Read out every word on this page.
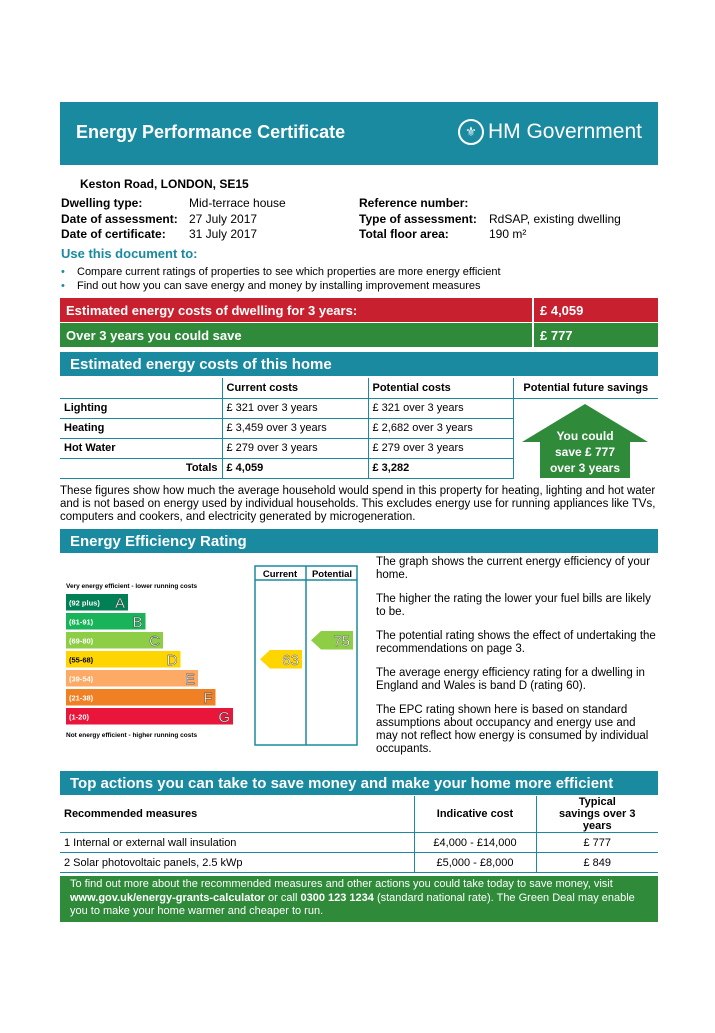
Energy Performance Certificate	⚜ HM Government
Keston Road, LONDON, SE15
Dwelling type:	Mid-terrace house
Date of assessment: 27 July 2017
Date of certificate: 31 July 2017
Reference number:
Type of assessment: RdSAP, existing dwelling
Total floor area:	190 m²
Use this document to:
• Compare current ratings of properties to see which properties are more energy efficient
• Find out how you can save energy and money by installing improvement measures
Estimated energy costs of dwelling for 3 years:	£ 4,059
Over 3 years you could save	£ 777
Estimated energy costs of this home
	Current costs	Potential costs	Potential future savings
Lighting	£ 321 over 3 years	£ 321 over 3 years	
Heating	£ 3,459 over 3 years	£ 2,682 over 3 years	
Hot Water	£ 279 over 3 years	£ 279 over 3 years	
Totals	£ 4,059	£ 3,282	
You could
save £ 777
over 3 years
These figures show how much the average household would spend in this property for heating, lighting and hot water and is not based on energy used by individual households. This excludes energy use for running appliances like TVs, computers and cookers, and electricity generated by microgeneration.
Energy Efficiency Rating
Current Potential
Very energy efficient - lower running costs
Not energy efficient - higher running costs
(92 plus) A
(81-91)	B
(69-80)	C
(55-68)	D
(39-54)	E
(21-38)	F
(1-20)	G
63
75

The graph shows the current energy efficiency of your home.

The higher the rating the lower your fuel bills are likely to be.

The potential rating shows the effect of undertaking the recommendations on page 3.

The average energy efficiency rating for a dwelling in England and Wales is band D (rating 60).

The EPC rating shown here is based on standard assumptions about occupancy and energy use and may not reflect how energy is consumed by individual occupants.

Top actions you can take to save money and make your home more efficient
Recommended measures	Indicative cost	Typical savings over 3 years
1 Internal or external wall insulation	£4,000 - £14,000	£ 777
2 Solar photovoltaic panels, 2.5 kWp	£5,000 - £8,000	£ 849
To find out more about the recommended measures and other actions you could take today to save money, visit www.gov.uk/energy-grants-calculator or call 0300 123 1234 (standard national rate). The Green Deal may enable you to make your home warmer and cheaper to run.
